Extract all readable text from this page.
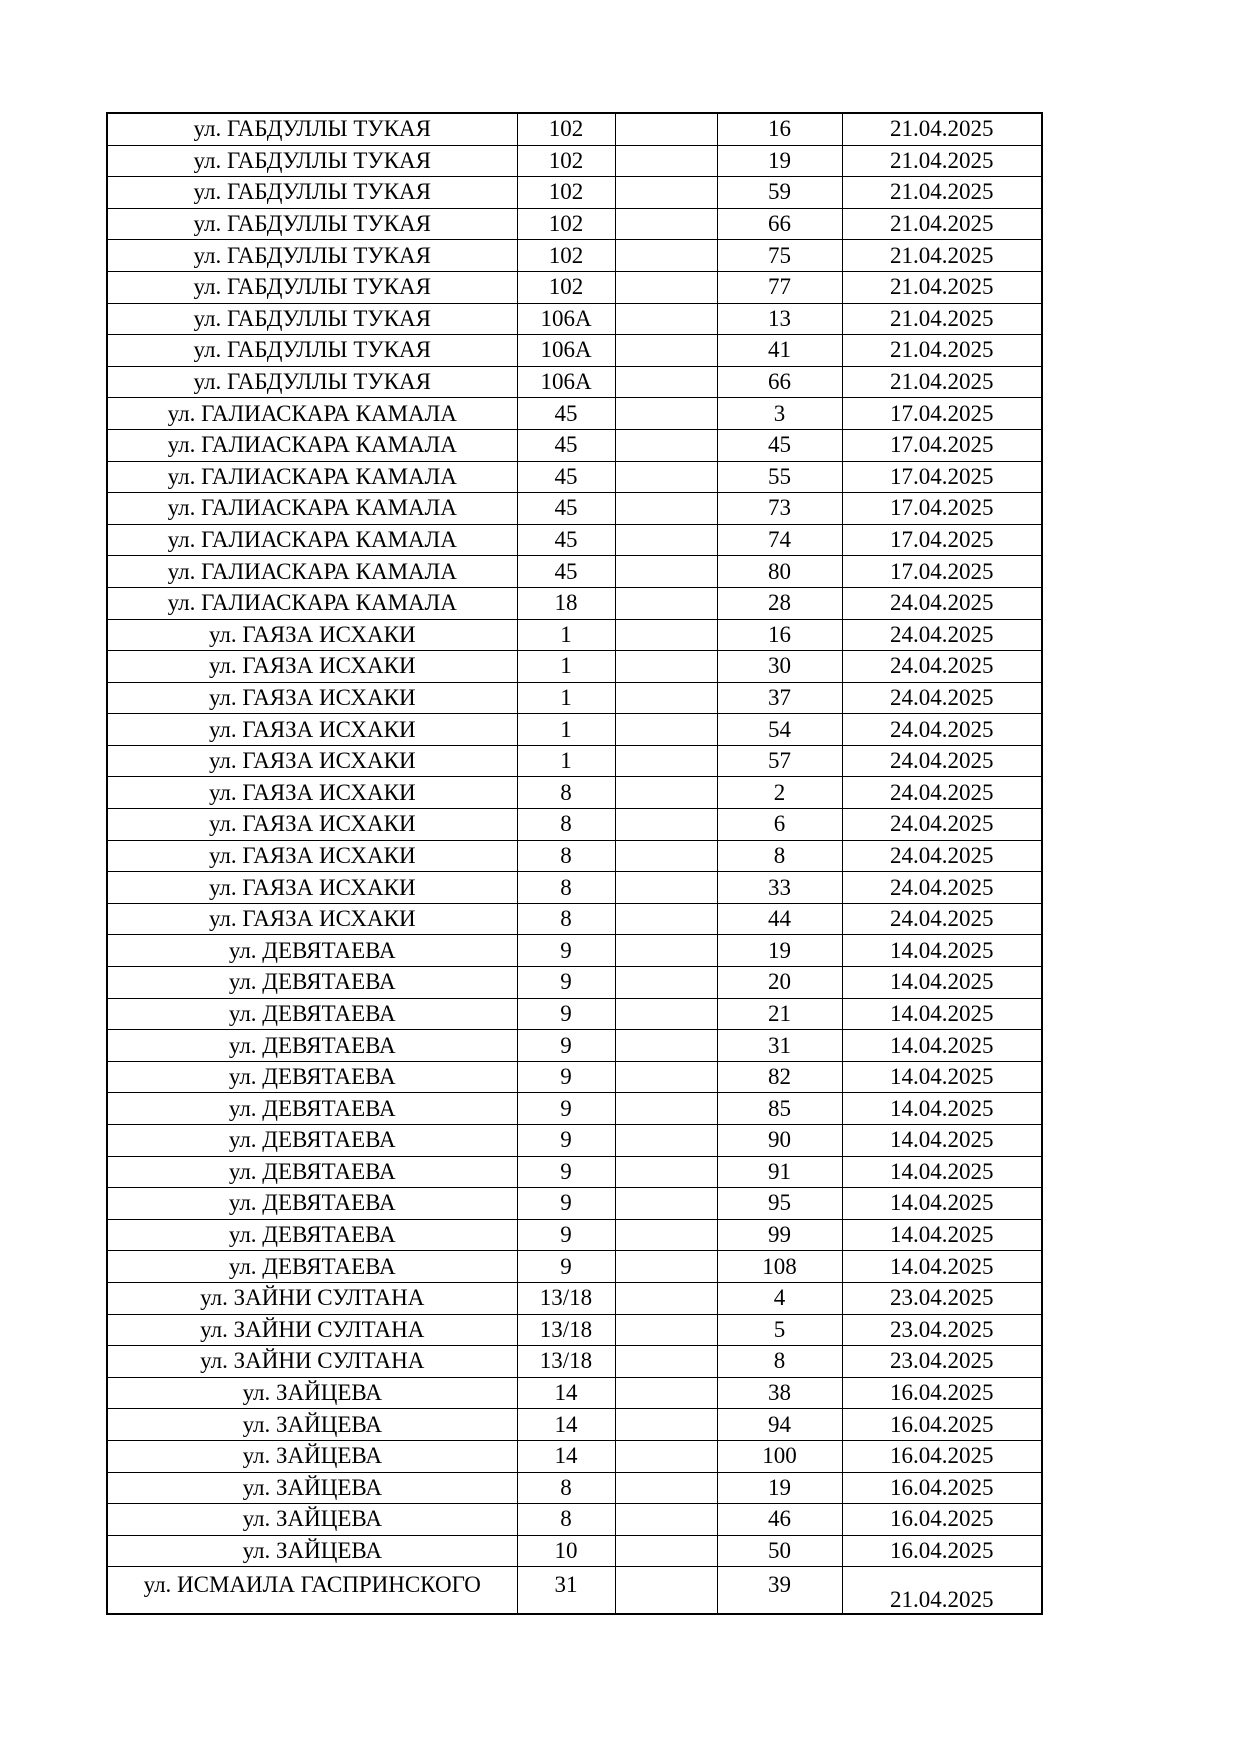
ул. ГАБДУЛЛЫ ТУКАЯ	102		16	21.04.2025
ул. ГАБДУЛЛЫ ТУКАЯ	102		19	21.04.2025
ул. ГАБДУЛЛЫ ТУКАЯ	102		59	21.04.2025
ул. ГАБДУЛЛЫ ТУКАЯ	102		66	21.04.2025
ул. ГАБДУЛЛЫ ТУКАЯ	102		75	21.04.2025
ул. ГАБДУЛЛЫ ТУКАЯ	102		77	21.04.2025
ул. ГАБДУЛЛЫ ТУКАЯ	106А		13	21.04.2025
ул. ГАБДУЛЛЫ ТУКАЯ	106А		41	21.04.2025
ул. ГАБДУЛЛЫ ТУКАЯ	106А		66	21.04.2025
ул. ГАЛИАСКАРА КАМАЛА	45		3	17.04.2025
ул. ГАЛИАСКАРА КАМАЛА	45		45	17.04.2025
ул. ГАЛИАСКАРА КАМАЛА	45		55	17.04.2025
ул. ГАЛИАСКАРА КАМАЛА	45		73	17.04.2025
ул. ГАЛИАСКАРА КАМАЛА	45		74	17.04.2025
ул. ГАЛИАСКАРА КАМАЛА	45		80	17.04.2025
ул. ГАЛИАСКАРА КАМАЛА	18		28	24.04.2025
ул. ГАЯЗА ИСХАКИ	1		16	24.04.2025
ул. ГАЯЗА ИСХАКИ	1		30	24.04.2025
ул. ГАЯЗА ИСХАКИ	1		37	24.04.2025
ул. ГАЯЗА ИСХАКИ	1		54	24.04.2025
ул. ГАЯЗА ИСХАКИ	1		57	24.04.2025
ул. ГАЯЗА ИСХАКИ	8		2	24.04.2025
ул. ГАЯЗА ИСХАКИ	8		6	24.04.2025
ул. ГАЯЗА ИСХАКИ	8		8	24.04.2025
ул. ГАЯЗА ИСХАКИ	8		33	24.04.2025
ул. ГАЯЗА ИСХАКИ	8		44	24.04.2025
ул. ДЕВЯТАЕВА	9		19	14.04.2025
ул. ДЕВЯТАЕВА	9		20	14.04.2025
ул. ДЕВЯТАЕВА	9		21	14.04.2025
ул. ДЕВЯТАЕВА	9		31	14.04.2025
ул. ДЕВЯТАЕВА	9		82	14.04.2025
ул. ДЕВЯТАЕВА	9		85	14.04.2025
ул. ДЕВЯТАЕВА	9		90	14.04.2025
ул. ДЕВЯТАЕВА	9		91	14.04.2025
ул. ДЕВЯТАЕВА	9		95	14.04.2025
ул. ДЕВЯТАЕВА	9		99	14.04.2025
ул. ДЕВЯТАЕВА	9		108	14.04.2025
ул. ЗАЙНИ СУЛТАНА	13/18		4	23.04.2025
ул. ЗАЙНИ СУЛТАНА	13/18		5	23.04.2025
ул. ЗАЙНИ СУЛТАНА	13/18		8	23.04.2025
ул. ЗАЙЦЕВА	14		38	16.04.2025
ул. ЗАЙЦЕВА	14		94	16.04.2025
ул. ЗАЙЦЕВА	14		100	16.04.2025
ул. ЗАЙЦЕВА	8		19	16.04.2025
ул. ЗАЙЦЕВА	8		46	16.04.2025
ул. ЗАЙЦЕВА	10		50	16.04.2025
ул. ИСМАИЛА ГАСПРИНСКОГО	31		39	21.04.2025
